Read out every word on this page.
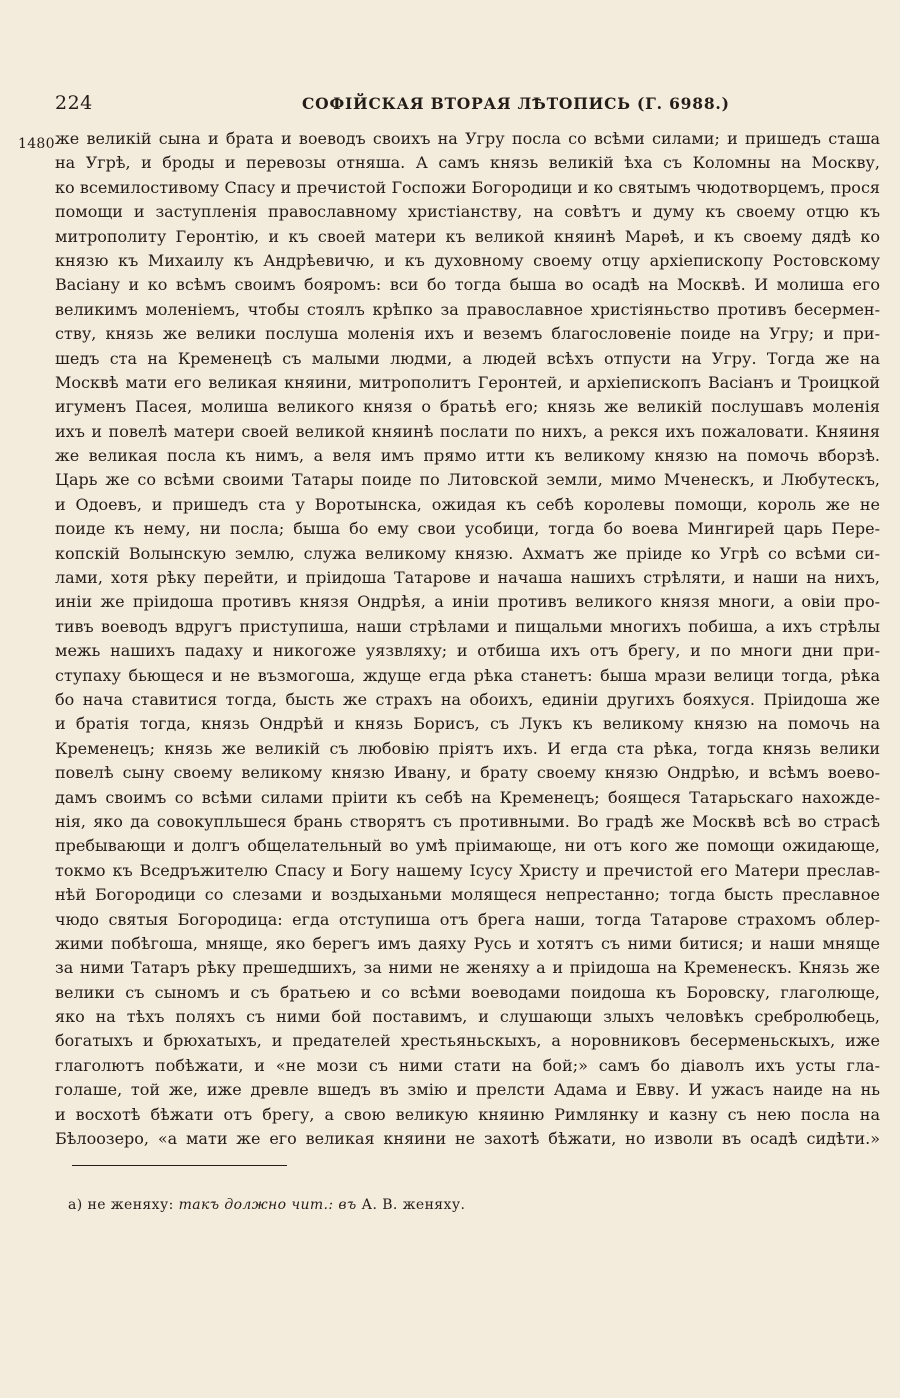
224	СОФІЙСКАЯ ВТОРАЯ ЛѢТОПИСЬ (Г. 6988.)
1480 же великій сына и брата и воеводъ своихъ на Угру посла со всѣми силами; и пришедъ сташа
на Угрѣ, и броды и перевозы отняша. А самъ князь великій ѣха съ Коломны на Москву,
ко всемилостивому Спасу и пречистой Госпожи Богородици и ко святымъ чюдотворцемъ, прося
помощи и заступленія православному христіанству, на совѣтъ и думу къ своему отцю къ
митрополиту Геронтію, и къ своей матери къ великой княинѣ Марѳѣ, и къ своему дядѣ ко
князю къ Михаилу къ Андрѣевичю, и къ духовному своему отцу архіепископу Ростовскому
Васіану и ко всѣмъ своимъ бояромъ: вси бо тогда быша во осадѣ на Москвѣ. И молиша его
великимъ моленіемъ, чтобы стоялъ крѣпко за православное христіяньство противъ бесермен-
ству, князь же велики послуша моленія ихъ и веземъ благословеніе поиде на Угру; и при-
шедъ ста на Кременецѣ съ малыми людми, а людей всѣхъ отпусти на Угру. Тогда же на
Москвѣ мати его великая княини, митрополитъ Геронтей, и архіепископъ Васіанъ и Троицкой
игуменъ Пасея, молиша великого князя о братьѣ его; князь же великій послушавъ моленія
ихъ и повелѣ матери своей великой княинѣ послати по нихъ, а рекся ихъ пожаловати. Княиня
же великая посла къ нимъ, а веля имъ прямо итти къ великому князю на помочь вборзѣ.
Царь же со всѣми своими Татары поиде по Литовской земли, мимо Мченескъ, и Любутескъ,
и Одоевъ, и пришедъ ста у Воротынска, ожидая къ себѣ королевы помощи, король же не
поиде къ нему, ни посла; быша бо ему свои усобици, тогда бо воева Мингирей царь Пере-
копскій Волынскую землю, служа великому князю. Ахматъ же пріиде ко Угрѣ со всѣми си-
лами, хотя рѣку перейти, и пріидоша Татарове и начаша нашихъ стрѣляти, и наши на нихъ,
иніи же пріидоша противъ князя Ондрѣя, а иніи противъ великого князя многи, а овіи про-
тивъ воеводъ вдругъ приступиша, наши стрѣлами и пищальми многихъ побиша, а ихъ стрѣлы
межь нашихъ падаху и никогоже уязвляху; и отбиша ихъ отъ брегу, и по многи дни при-
ступаху бьющеся и не възмогоша, ждуще егда рѣка станетъ: быша мрази велици тогда, рѣка
бо нача ставитися тогда, бысть же страхъ на обоихъ, единіи другихъ бояхуся. Пріидоша же
и братія тогда, князь Ондрѣй и князь Борисъ, съ Лукъ къ великому князю на помочь на
Кременецъ; князь же великій съ любовію пріятъ ихъ. И егда ста рѣка, тогда князь велики
повелѣ сыну своему великому князю Ивану, и брату своему князю Ондрѣю, и всѣмъ воево-
дамъ своимъ со всѣми силами пріити къ себѣ на Кременецъ; боящеся Татарьскаго нахожде-
нія, яко да совокупльшеся брань створятъ съ противными. Во градѣ же Москвѣ всѣ во страсѣ
пребывающи и долгъ общелательный во умѣ пріимающе, ни отъ кого же помощи ожидающе,
токмо къ Вседръжителю Спасу и Богу нашему Ісусу Христу и пречистой его Матери преслав-
нѣй Богородици со слезами и воздыханьми молящеся непрестанно; тогда бысть преславное
чюдо святыя Богородица: егда отступиша отъ брега наши, тогда Татарове страхомъ облер-
жими побѣгоша, мняще, яко берегъ имъ даяху Русь и хотятъ съ ними битися; и наши мняще
за ними Татаръ рѣку прешедшихъ, за ними не женяху а и пріидоша на Кременескъ. Князь же
велики съ сыномъ и съ братьею и со всѣми воеводами поидоша къ Боровску, глаголюще,
яко на тѣхъ поляхъ съ ними бой поставимъ, и слушающи злыхъ человѣкъ сребролюбець,
богатыхъ и брюхатыхъ, и предателей хрестьяньскыхъ, а норовниковъ бесерменьскыхъ, иже
глаголютъ побѣжати, и «не мози съ ними стати на бой;» самъ бо діаволъ ихъ усты гла-
голаше, той же, иже древле вшедъ въ змію и прелсти Адама и Евву. И ужасъ наиде на нь
и восхотѣ бѣжати отъ брегу, а свою великую княиню Римлянку и казну съ нею посла на
Бѣлоозеро, «а мати же его великая княини не захотѣ бѣжати, но изволи въ осадѣ сидѣти.»
а) не женяху: такъ должно чит.: въ А. В. женяху.
